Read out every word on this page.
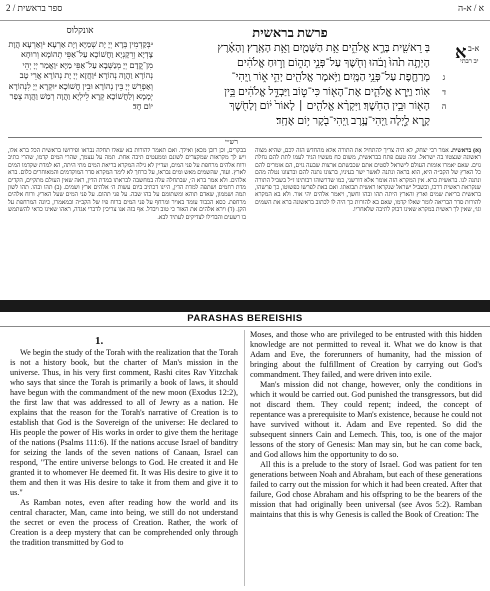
2 / ספר בראשית	א / א-ה
פרשת בראשית
אונקלוס
ᵃבְּקַדְמִין בְּרָא יְיָ יָת שְׁמַיָּא וְיָת אַרְעָא׃ ᵇוְאַרְעָא הֲוָת צָדְיָא וְרֵקָנְיָא וַחֲשׁוֹכָא עַל־אַפֵּי תְהוֹמָא וְרוּחָא מִן־קֳדָם יְיָ מְנַשְּׁבָא עַל־אַפֵּי מַיָּא׃ ᶜוַאֲמַר יְיָ יְהֵי נְהוֹרָא וַהֲוָה נְהוֹרָא׃ ᵈוַחֲזָא יְיָ יָת נְהוֹרָא אֲרֵי טָב וְאַפְרֵשׁ יְיָ בֵּין נְהוֹרָא וּבֵין חֲשׁוֹכָא׃ ᵉוּקְרָא יְיָ לִנְהוֹרָא יְמָמָא וְלַחֲשׁוֹכָא קְרָא לֵילְיָא וַהֲוָה רְמַשׁ וַהֲוָה צְפַר יוֹם חָד׃
בְּ רֵאשִׁ֖ית בָּרָ֣א אֱלֹהִ֑ים אֵ֥ת הַשָּׁמַ֖יִם וְאֵ֥ת הָאָֽרֶץ׃ וְהָאָ֗רֶץ
הָיְתָ֥ה תֹ֙הוּ֙ וָבֹ֔הוּ וְחֹ֖שֶׁךְ עַל־פְּנֵ֣י תְה֑וֹם וְר֣וּחַ אֱלֹהִ֔ים
מְרַחֶ֖פֶת עַל־פְּנֵ֥י הַמָּֽיִם׃ וַיֹּ֥אמֶר אֱלֹהִ֖ים יְהִ֣י א֑וֹר וַֽיְהִי־	ג
אֽוֹר׃ וַיַּ֧רְא אֱלֹהִ֛ים אֶת־הָא֖וֹר כִּי־ט֑וֹב וַיַּבְדֵּ֣ל אֱלֹהִ֔ים בֵּ֥ין	ד
הָא֖וֹר וּבֵ֥ין הַחֹֽשֶׁךְ׃ וַיִּקְרָ֨א אֱלֹהִ֤ים ׀ לָאוֹר֙ י֔וֹם וְלַחֹ֖שֶׁךְ	ה
קָ֣רָא לָ֑יְלָה וַֽיְהִי־עֶ֥רֶב וַֽיְהִי־בֹ֖קֶר י֥וֹם אֶחָֽד׃
א א-ב
יב רבתי
רש״י
(א) בראשית. אמר רבי יצחק, לא היה צריך להתחיל את התורה אלא מהחדש הזה לכם, שהיא מצוה ראשונה שנצטוו בה ישראל. ומה טעם פתח בבראשית, משום כח מעשיו הגיד לעמו לתת להם נחלת גוים. שאם יאמרו אומות העולם לישראל לסטים אתם שכבשתם ארצות שבעה גוים, הם אומרים להם כל הארץ של הקב״ה היא, הוא בראה ונתנה לאשר ישר בעיניו, ברצונו נתנה להם וברצונו נטלה מהם ונתנה לנו. בראשית ברא. אין המקרא הזה אומר אלא דורשני, כמו שדרשוהו רבותינו ז״ל בשביל התורה שנקראת ראשית דרכו, ובשביל ישראל שנקראו ראשית תבואתו. ואם באת לפרשו כפשוטו, כך פרשהו, בראשית בריאת שמים וארץ והארץ היתה תהו ובהו וחשך, ויאמר אלהים יהי אור. ולא בא המקרא להורות סדר הבריאה לומר שאלו קדמו, שאם בא להורות כך היה לו לכתוב בראשונה ברא את השמים וגו׳, שאין לך ראשית במקרא שאינו דבוק לתיבה שלאחריו.
בבקרים, וכן רובן מכאן ואילך. ואם תאמר להורות בא שאלו תחלה נבראו ופירושו בראשית הכל ברא אלו, ויש לך מקראות שמקצרים לשונם וממעטים תיבה אחת. תמה על עצמך, שהרי המים קדמו, שהרי כתיב ורוח אלהים מרחפת על פני המים, ועדיין לא גילה המקרא בריאת המים מתי היתה, הא למדת שקדמו המים לארץ. ועוד, שהשמים מאש ומים נבראו, על כרחך לא לימד המקרא סדר המוקדמים והמאוחרים כלום. ברא אלהים. ולא אמר ברא ה׳, שבתחלה עלה במחשבה לבראתו במדת הדין, ראה שאין העולם מתקיים, הקדים מדת רחמים ושתפה למדת הדין, היינו דכתיב ביום עשות ה׳ אלהים ארץ ושמים. (ב) תהו ובהו. תהו לשון תמה ושממון, שאדם תוהא ומשתומם על בהו שבה. על פני תהום. על פני המים שעל הארץ. ורוח אלהים מרחפת. כסא הכבוד עומד באויר ומרחף על פני המים ברוח פיו של הקב״ה ובמאמרו, כיונה המרחפת על הקן. (ד) וירא אלהים את האור כי טוב ויבדל. אף בזה אנו צריכין לדברי אגדה, ראהו שאינו כדאי להשתמש בו רשעים והבדילו לצדיקים לעתיד לבא.
PARASHAS BEREISHIS
1.

We begin the study of the Torah with the realization that the Torah is not a history book, but the charter of Man's mission in the universe. Thus, in his very first comment, Rashi cites Rav Yitzchak who says that since the Torah is primarily a book of laws, it should have begun with the commandment of the new moon (Exodus 12:2), the first law that was addressed to all of Jewry as a nation. He explains that the reason for the Torah's narrative of Creation is to establish that God is the Sovereign of the universe: He declared to His people the power of His works in order to give them the heritage of the nations (Psalms 111:6). If the nations accuse Israel of banditry for seizing the lands of the seven nations of Canaan, Israel can respond, "The entire universe belongs to God. He created it and He granted it to whomever He deemed fit. It was His desire to give it to them and then it was His desire to take it from them and give it to us."

As Ramban notes, even after reading how the world and its central character, Man, came into being, we still do not understand the secret or even the process of Creation. Rather, the work of Creation is a deep mystery that can be comprehended only through the tradition transmitted by God to

Moses, and those who are privileged to be entrusted with this hidden knowledge are not permitted to reveal it. What we do know is that Adam and Eve, the forerunners of humanity, had the mission of bringing about the fulfillment of Creation by carrying out God's commandment. They failed, and were driven into exile.

Man's mission did not change, however, only the conditions in which it would be carried out. God punished the transgressors, but did not discard them. They could repent; indeed, the concept of repentance was a prerequisite to Man's existence, because he could not have survived without it. Adam and Eve repented. So did the subsequent sinners Cain and Lemech. This, too, is one of the major lessons of the story of Genesis: Man may sin, but he can come back, and God allows him the opportunity to do so.

All this is a prelude to the story of Israel. God was patient for ten generations between Noah and Abraham, but each of these generations failed to carry out the mission for which it had been created. After that failure, God chose Abraham and his offspring to be the bearers of the mission that had originally been universal (see Avos 5:2). Ramban maintains that this is why Genesis is called the Book of Creation: The
